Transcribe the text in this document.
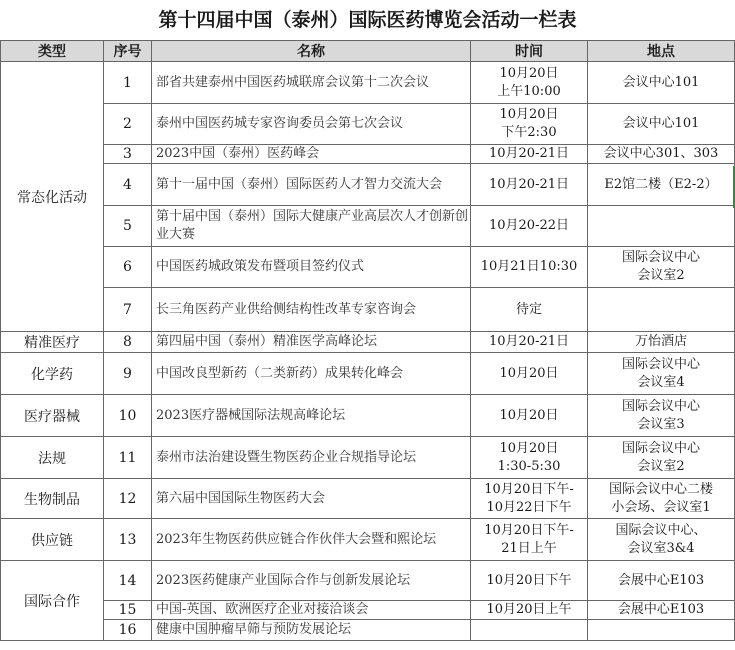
第十四届中国（泰州）国际医药博览会活动一栏表
类型	序号	名称	时间	地点
常态化活动	1	部省共建泰州中国医药城联席会议第十二次会议	10月20日
上午10:00	会议中心101
	2	泰州中国医药城专家咨询委员会第七次会议	10月20日
下午2:30	会议中心101
	3	2023中国（泰州）医药峰会	10月20-21日	会议中心301、303
	4	第十一届中国（泰州）国际医药人才智力交流大会	10月20-21日	E2馆二楼（E2-2）
	5	第十届中国（泰州）国际大健康产业高层次人才创新创业大赛	10月20-22日	
	6	中国医药城政策发布暨项目签约仪式	10月21日10:30	国际会议中心
会议室2
	7	长三角医药产业供给侧结构性改革专家咨询会	待定	
精准医疗	8	第四届中国（泰州）精准医学高峰论坛	10月20-21日	万怡酒店
化学药	9	中国改良型新药（二类新药）成果转化峰会	10月20日	国际会议中心
会议室4
医疗器械	10	2023医疗器械国际法规高峰论坛	10月20日	国际会议中心
会议室3
法规	11	泰州市法治建设暨生物医药企业合规指导论坛	10月20日
1:30-5:30	国际会议中心
会议室2
生物制品	12	第六届中国国际生物医药大会	10月20日下午-
10月22日下午	国际会议中心二楼
小会场、会议室1
供应链	13	2023年生物医药供应链合作伙伴大会暨和熙论坛	10月20日下午-
21日上午	国际会议中心、
会议室3&4
国际合作	14	2023医药健康产业国际合作与创新发展论坛	10月20日下午	会展中心E103
	15	中国-英国、欧洲医疗企业对接洽谈会	10月20日上午	会展中心E103
	16	健康中国肿瘤早筛与预防发展论坛		
